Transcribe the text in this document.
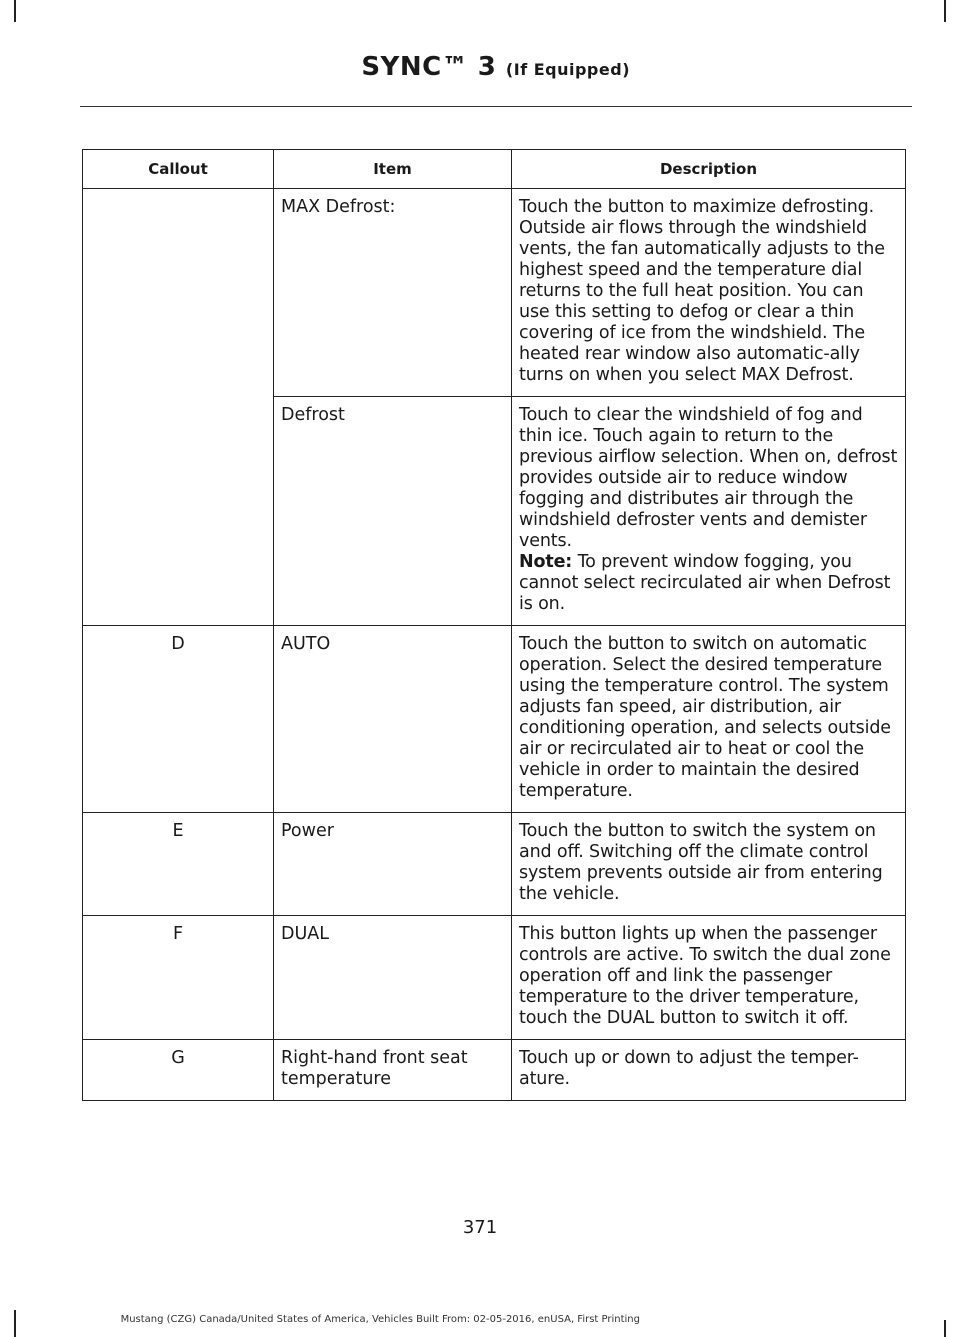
SYNC™ 3 (If Equipped)
Callout	Item	Description
	MAX Defrost:	Touch the button to maximize defrosting. Outside air flows through the windshield vents, the fan automatically adjusts to the highest speed and the temperature dial returns to the full heat position. You can use this setting to defog or clear a thin covering of ice from the windshield. The heated rear window also automatic-ally turns on when you select MAX Defrost.
	Defrost	Touch to clear the windshield of fog and thin ice. Touch again to return to the previous airflow selection. When on, defrost provides outside air to reduce window fogging and distributes air through the windshield defroster vents and demister vents.
Note: To prevent window fogging, you cannot select recirculated air when Defrost is on.
D	AUTO	Touch the button to switch on automatic operation. Select the desired temperature using the temperature control. The system adjusts fan speed, air distribution, air conditioning operation, and selects outside air or recirculated air to heat or cool the vehicle in order to maintain the desired temperature.
E	Power	Touch the button to switch the system on and off. Switching off the climate control system prevents outside air from entering the vehicle.
F	DUAL	This button lights up when the passenger controls are active. To switch the dual zone operation off and link the passenger temperature to the driver temperature, touch the DUAL button to switch it off.
G	Right-hand front seat temperature	Touch up or down to adjust the temper-ature.
371
Mustang (CZG) Canada/United States of America, Vehicles Built From: 02-05-2016, enUSA, First Printing
